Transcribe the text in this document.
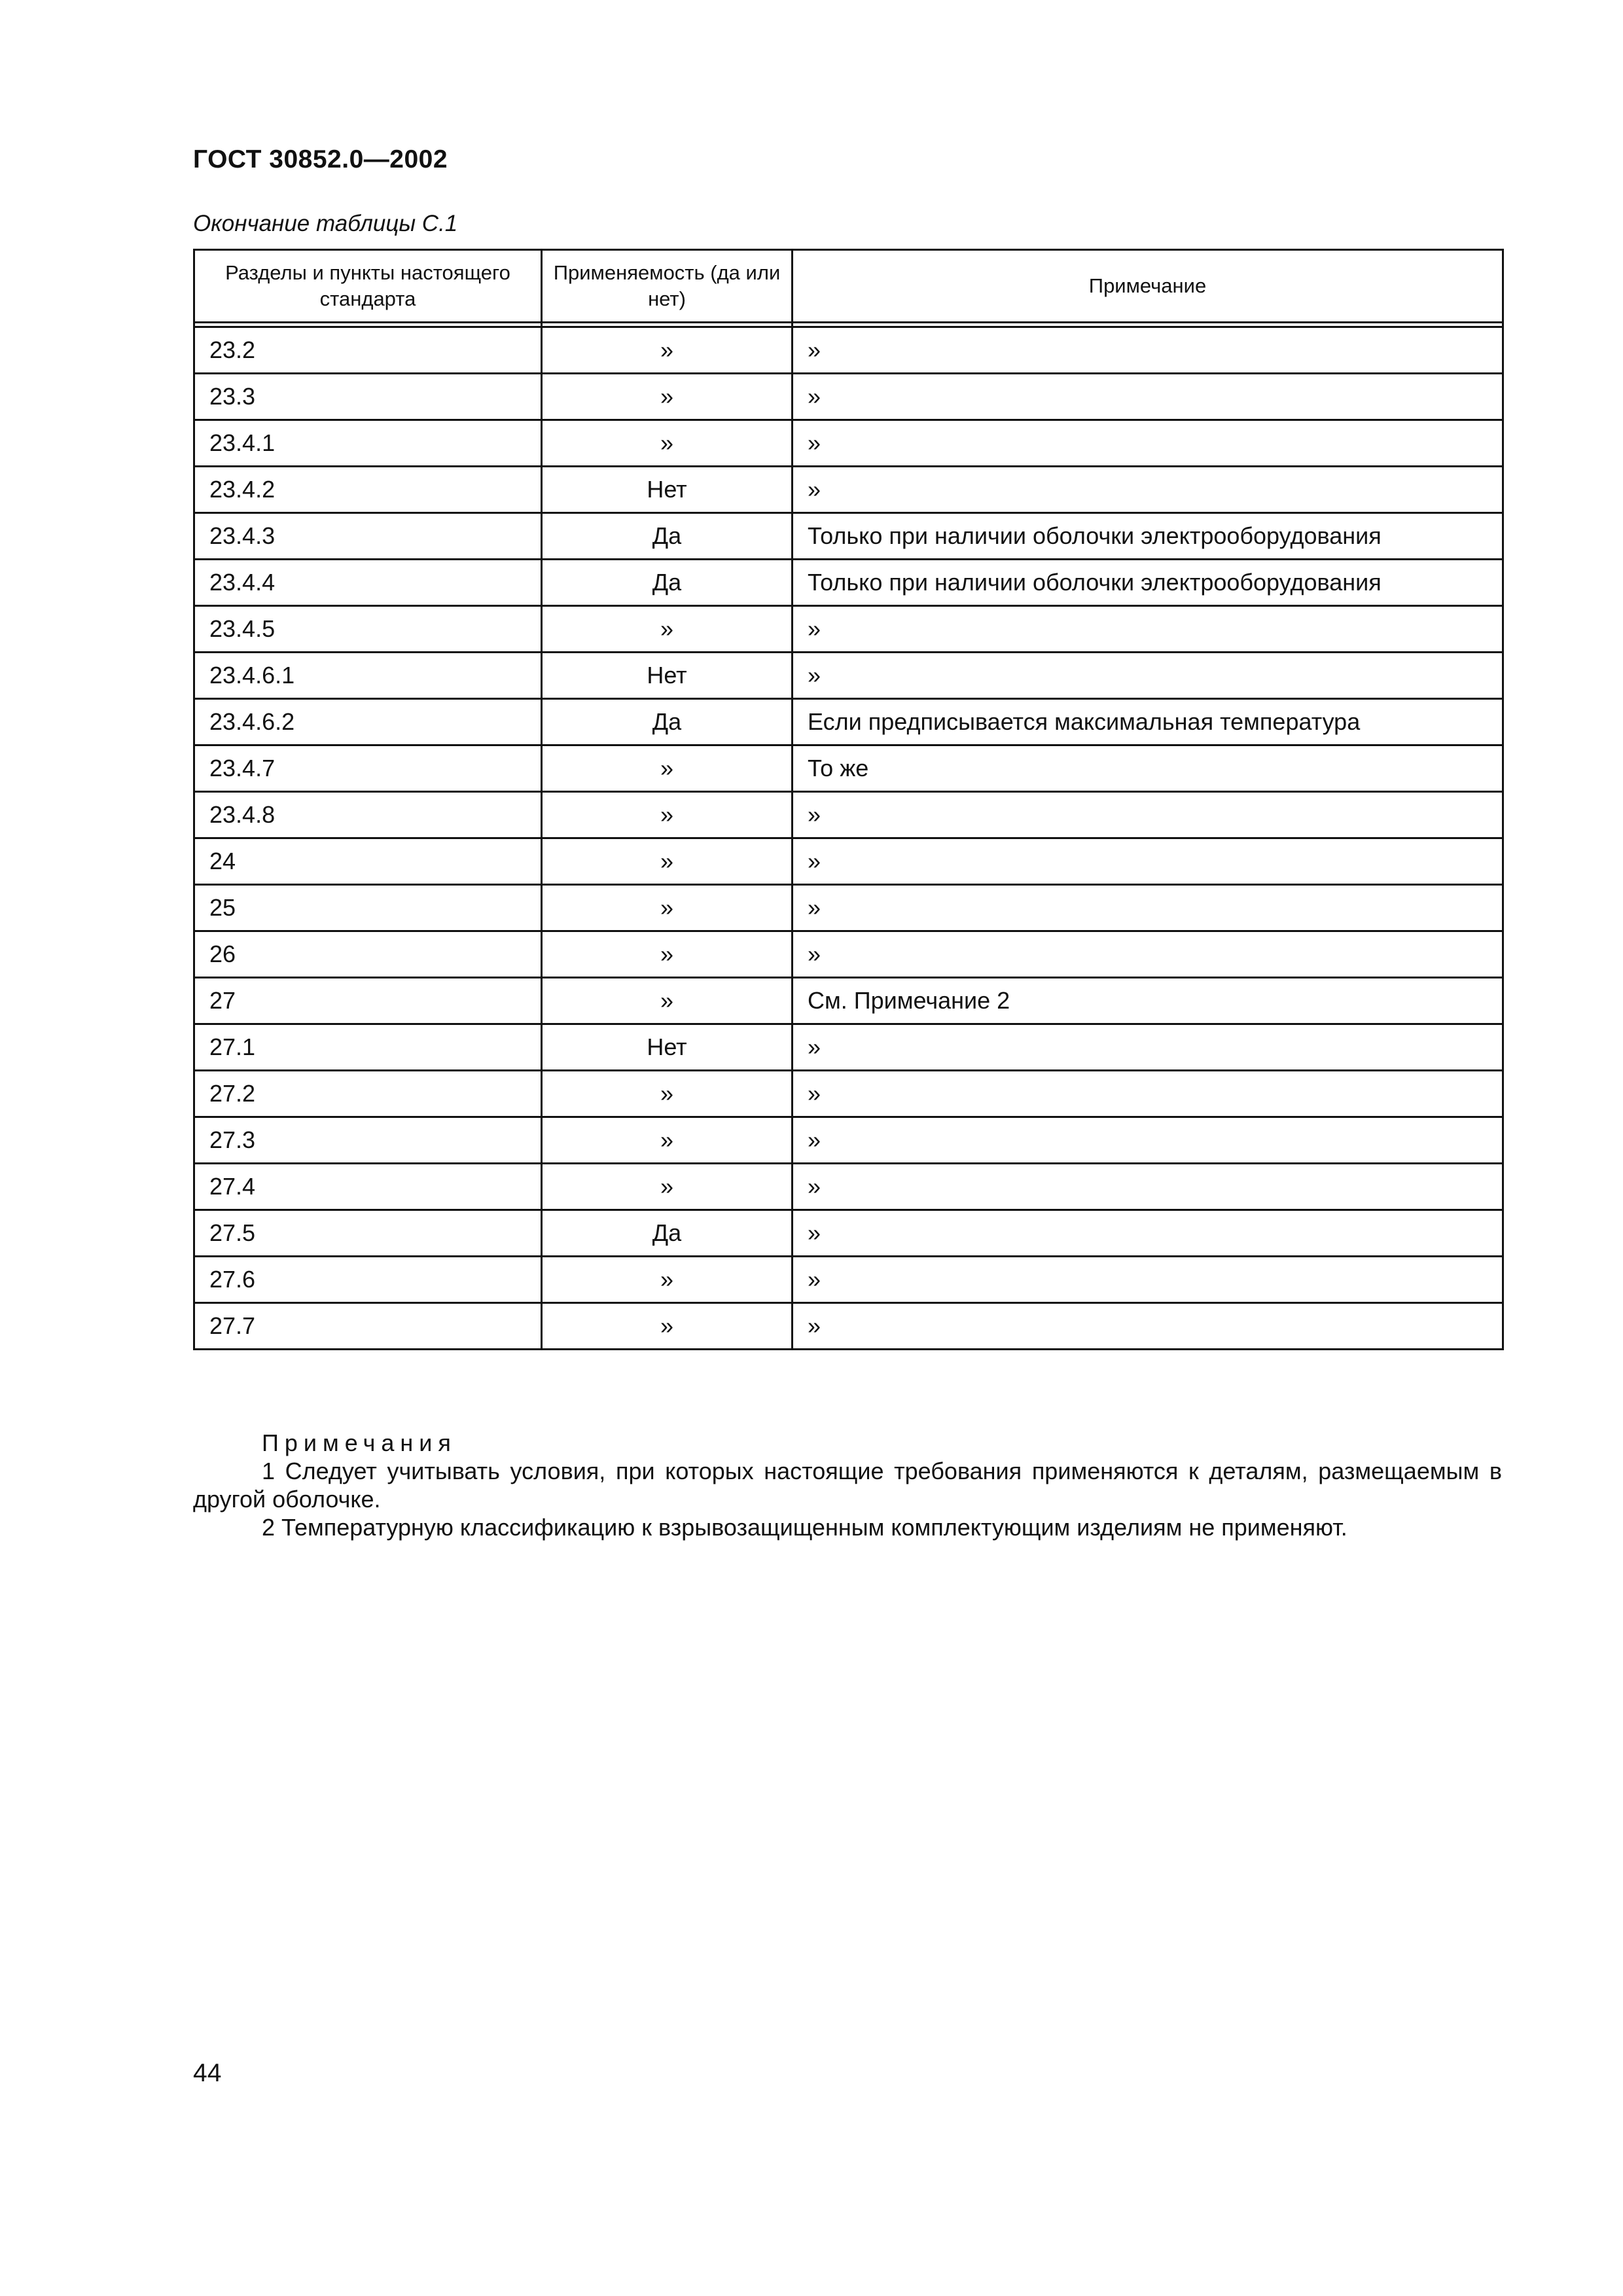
ГОСТ 30852.0—2002
Окончание таблицы С.1
Разделы и пункты настоящего стандарта	Применяемость (да или нет)	Примечание

23.2	»	»
23.3	»	»
23.4.1	»	»
23.4.2	Нет	»
23.4.3	Да	Только при наличии оболочки электрооборудования
23.4.4	Да	Только при наличии оболочки электрооборудования
23.4.5	»	»
23.4.6.1	Нет	»
23.4.6.2	Да	Если предписывается максимальная температура
23.4.7	»	То же
23.4.8	»	»
24	»	»
25	»	»
26	»	»
27	»	См. Примечание 2
27.1	Нет	»
27.2	»	»
27.3	»	»
27.4	»	»
27.5	Да	»
27.6	»	»
27.7	»	»
Примечания
1 Следует учитывать условия, при которых настоящие требования применяются к деталям, размещаемым в другой оболочке.
2 Температурную классификацию к взрывозащищенным комплектующим изделиям не применяют.
44
